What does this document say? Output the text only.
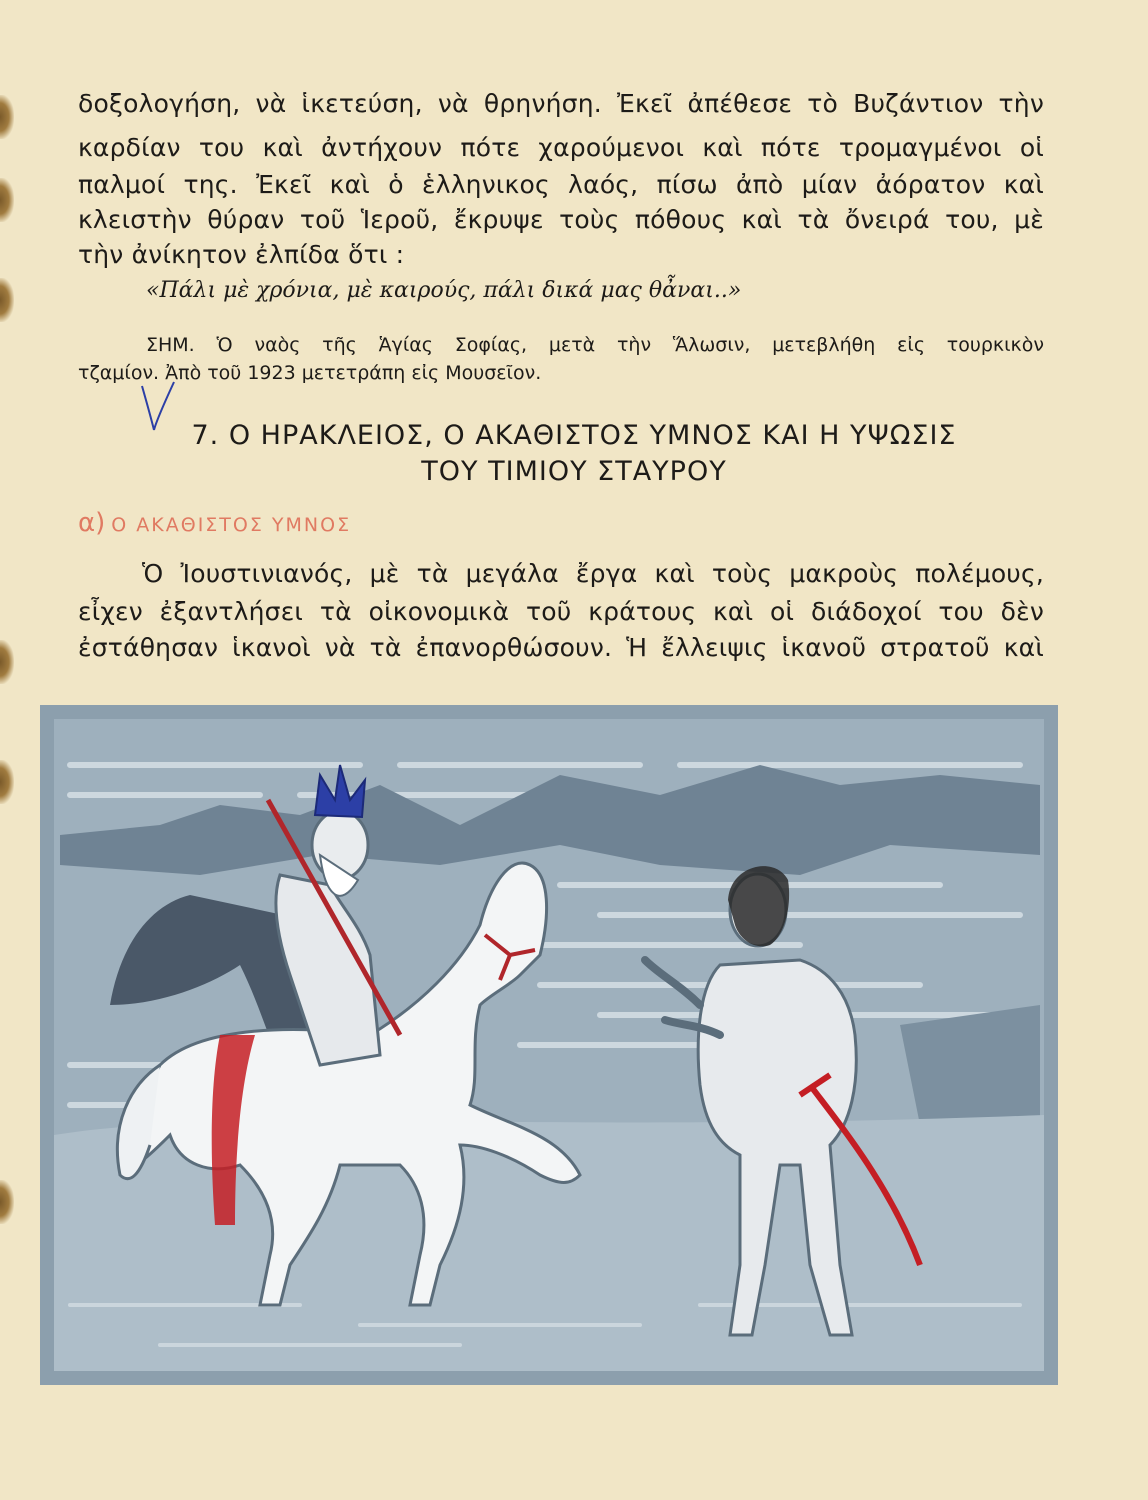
δοξολογήση, νὰ ἱκετεύση, νὰ θρηνήση. Ἐκεῖ ἀπέθεσε τὸ Βυζάντιον τὴν
καρδίαν του καὶ ἀντήχουν πότε χαρούμενοι καὶ πότε τρομαγμένοι οἱ
παλμοί της. Ἐκεῖ καὶ ὁ ἑλληνικος λαός, πίσω ἀπὸ μίαν ἀόρατον καὶ
κλειστὴν θύραν τοῦ Ἱεροῦ, ἔκρυψε τοὺς πόθους καὶ τὰ ὄνειρά του, μὲ
τὴν ἀνίκητον ἐλπίδα ὅτι :
«Πάλι μὲ χρόνια, μὲ καιρούς, πάλι δικά μας θἆναι..»
ΣΗΜ. Ὁ ναὸς τῆς Ἁγίας Σοφίας, μετὰ τὴν Ἅλωσιν, μετεβλήθη εἰς τουρκικὸν
τζαμίον. Ἀπὸ τοῦ 1923 μετετράπη εἰς Μουσεῖον.
7. Ο ΗΡΑΚΛΕΙΟΣ, Ο ΑΚΑΘΙΣΤΟΣ ΥΜΝΟΣ ΚΑΙ Η ΥΨΩΣΙΣ
ΤΟΥ ΤΙΜΙΟΥ ΣΤΑΥΡΟΥ
α) Ο ΑΚΑΘΙΣΤΟΣ ΥΜΝΟΣ
Ὁ Ἰουστινιανός, μὲ τὰ μεγάλα ἔργα καὶ τοὺς μακροὺς πολέμους,
εἶχεν ἐξαντλήσει τὰ οἰκονομικὰ τοῦ κράτους καὶ οἱ διάδοχοί του δὲν
ἐστάθησαν ἱκανοὶ νὰ τὰ ἐπανορθώσουν. Ἡ ἔλλειψις ἱκανοῦ στρατοῦ καὶ
